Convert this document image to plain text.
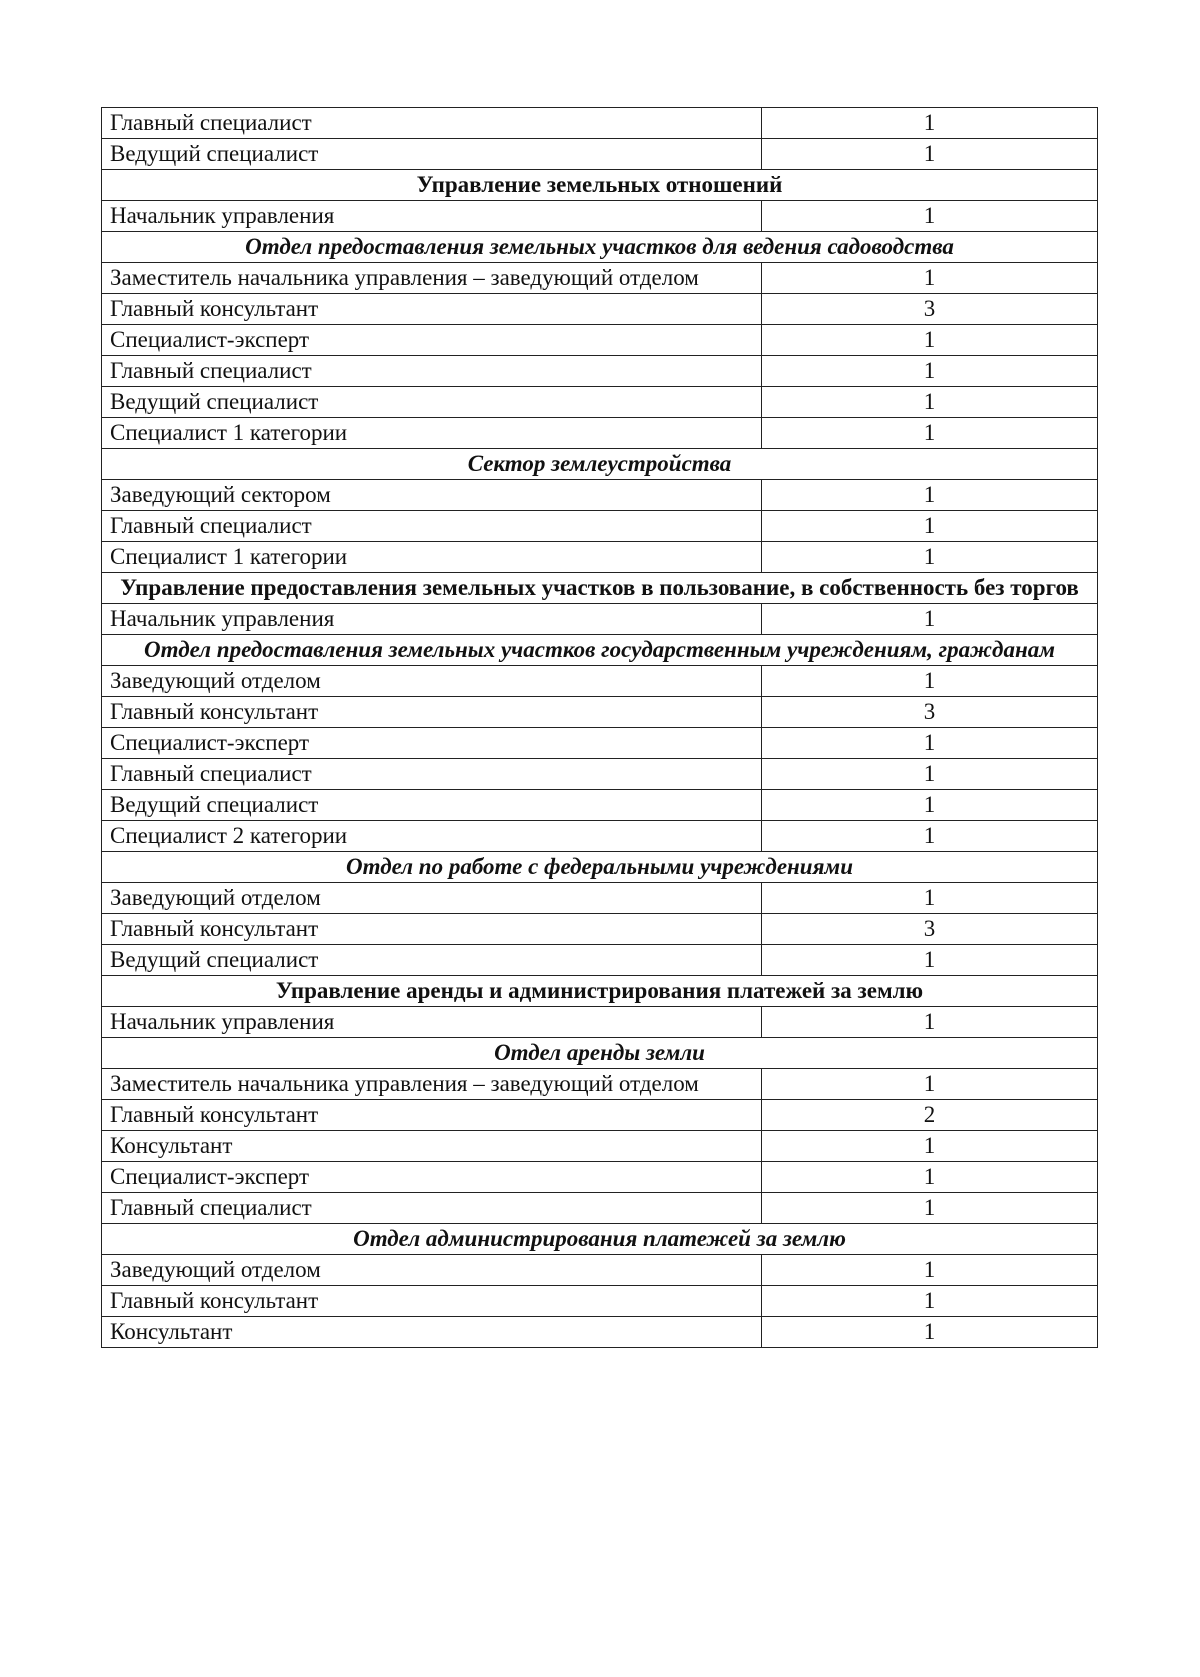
Главный специалист	1
Ведущий специалист	1
Управление земельных отношений	
Начальник управления	1
Отдел предоставления земельных участков для ведения садоводства	
Заместитель начальника управления – заведующий отделом	1
Главный консультант	3
Специалист-эксперт	1
Главный специалист	1
Ведущий специалист	1
Специалист 1 категории	1
Сектор землеустройства	
Заведующий сектором	1
Главный специалист	1
Специалист 1 категории	1
Управление предоставления земельных участков в пользование, в собственность без торгов	
Начальник управления	1
Отдел предоставления земельных участков государственным учреждениям, гражданам	
Заведующий отделом	1
Главный консультант	3
Специалист-эксперт	1
Главный специалист	1
Ведущий специалист	1
Специалист 2 категории	1
Отдел по работе с федеральными учреждениями	
Заведующий отделом	1
Главный консультант	3
Ведущий специалист	1
Управление аренды и администрирования платежей за землю	
Начальник управления	1
Отдел аренды земли	
Заместитель начальника управления – заведующий отделом	1
Главный консультант	2
Консультант	1
Специалист-эксперт	1
Главный специалист	1
Отдел администрирования платежей за землю	
Заведующий отделом	1
Главный консультант	1
Консультант	1
